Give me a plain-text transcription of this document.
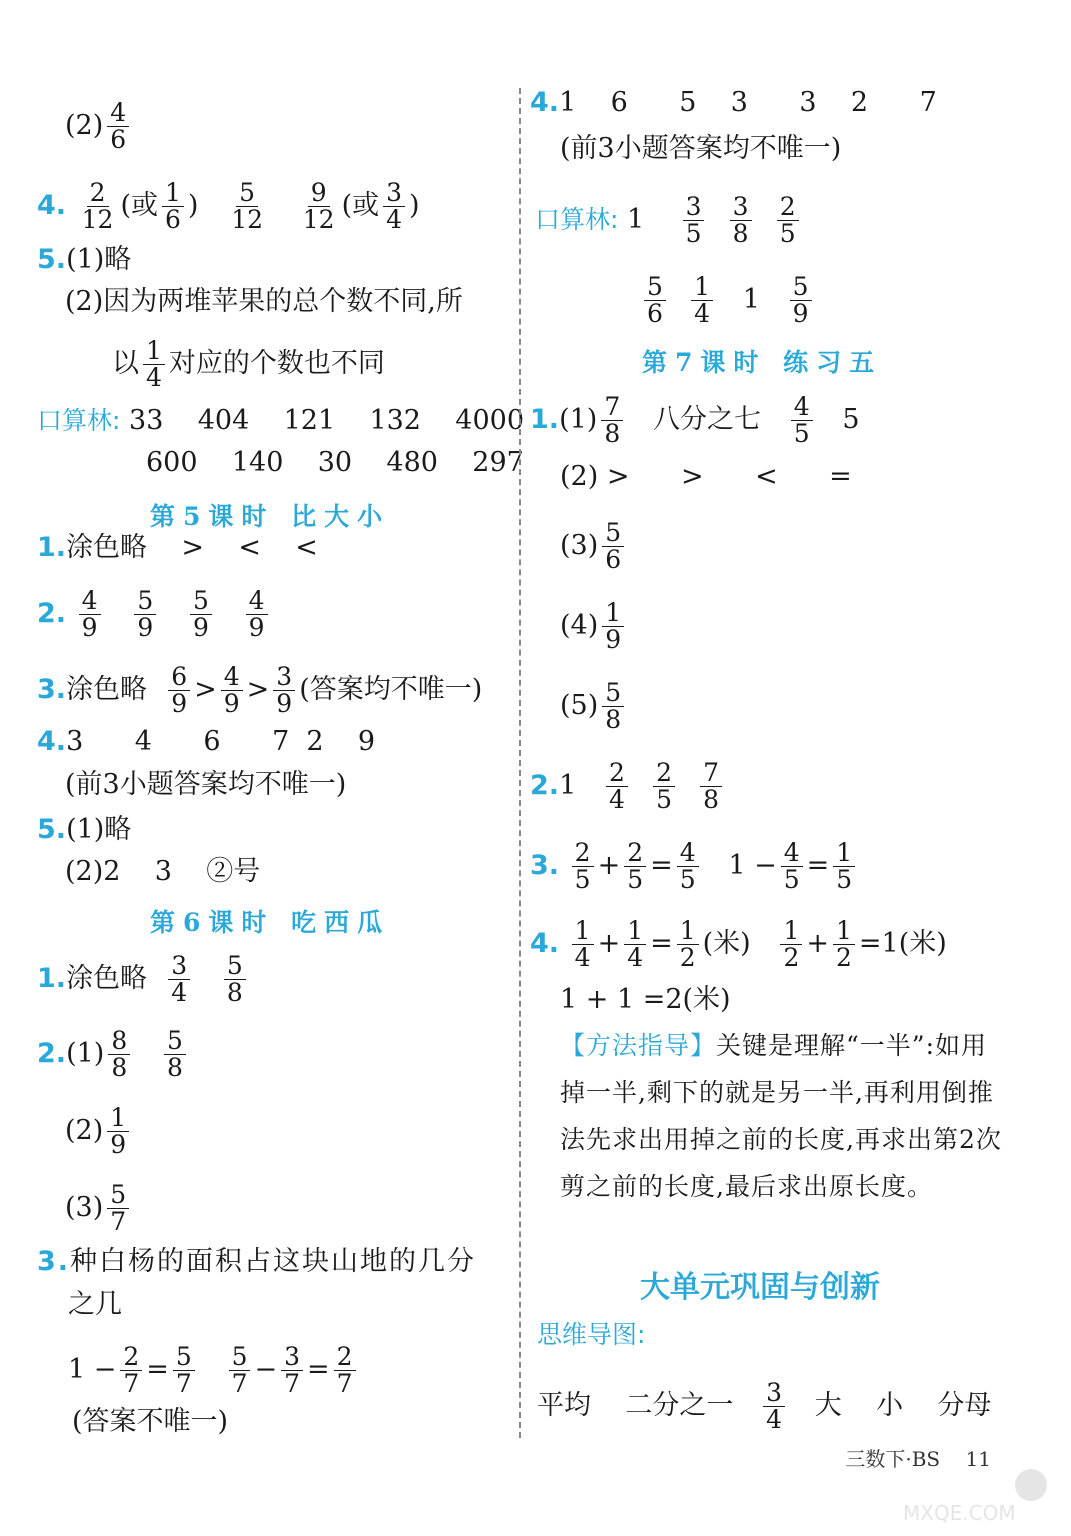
$(2) \frac{4}{6}$
4. $\frac{2}{12}$ (或 $\frac{1}{6}$ ) $\frac{5}{12}$
$\frac{9}{12}$ (或 $\frac{3}{4}$ )
5.(1)略
(2)因为两堆苹果的总个数不同,所
以 $\frac{1}{4}$ 对应的个数也不同
口算林: 33    404    121    132    4000
600    140    30    480    297
第5课时 比大小
1.涂色略    >    <    <
2. $\frac{4}{9}$
$\frac{5}{9}$
$\frac{5}{9}$
$\frac{4}{9}$
3.涂色略 $\frac{6}{9} > \frac{4}{9} > \frac{3}{9}$ (答案均不唯一)
4.3      4      6      7  2    9
(前3小题答案均不唯一)
5.(1)略
(2)2    3    ②号
第6课时 吃西瓜
1.涂色略 $\frac{3}{4}$
$\frac{5}{8}$
$2.(1) \frac{8}{8}$
$\frac{5}{8}$
$(2) \frac{1}{9}$
$(3) \frac{5}{7}$
3.种白杨的面积占这块山地的几分
之几
$1 - \frac{2}{7} = \frac{5}{7}$
$\frac{5}{7} - \frac{3}{7} = \frac{2}{7}$
(答案不唯一)
4.1    6      5    3      3    2      7
(前3小题答案均不唯一)
口算林: $1 \frac{3}{5}$
$\frac{3}{8}$
$\frac{2}{5}$
$\frac{5}{6}$
$\frac{1}{4} 1 \frac{5}{9}$
第7课时 练习五
$1.(1) \frac{7}{8}$ 八分之七 $\frac{4}{5} 5$
(2) >      >      <      =
$(3) \frac{5}{6}$
$(4) \frac{1}{9}$
$(5) \frac{5}{8}$
$2.1 \frac{2}{4}$
$\frac{2}{5}$
$\frac{7}{8}$
3. $\frac{2}{5} + \frac{2}{5} = \frac{4}{5} 1 - \frac{4}{5} = \frac{1}{5}$
4. $\frac{1}{4} + \frac{1}{4} = \frac{1}{2}$ (米) $\frac{1}{2} + \frac{1}{2} =1$(米)
1 + 1 =2(米)
【方法指导】关键是理解“一半”:如用掉一半,剩下的就是另一半,再利用倒推法先求出用掉之前的长度,再求出第2次剪之前的长度,最后求出原长度。
大单元巩固与创新
思维导图:
平均 二分之一 $\frac{3}{4}$ 大 小 分母
三数下·BS    11
MXQE.COM
